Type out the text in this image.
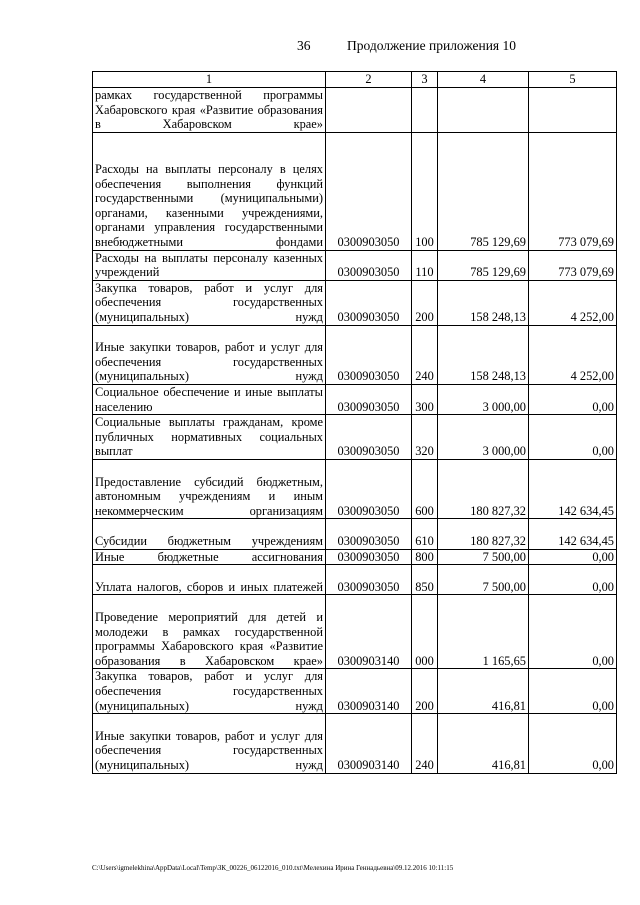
36	Продолжение приложения 10
1	2	3	4	5
рамках государственной программы Хабаровского края «Развитие образования в Хабаровском крае»				
Расходы на выплаты персоналу в целях обеспечения выполнения функций государственными (муниципальными) органами, казенными учреждениями, органами управления государственными внебюджетными фондами	0300903050	100	785 129,69	773 079,69
Расходы на выплаты персоналу казенных учреждений	0300903050	110	785 129,69	773 079,69
Закупка товаров, работ и услуг для обеспечения государственных (муниципальных) нужд	0300903050	200	158 248,13	4 252,00
Иные закупки товаров, работ и услуг для обеспечения государственных (муниципальных) нужд	0300903050	240	158 248,13	4 252,00
Социальное обеспечение и иные выплаты населению	0300903050	300	3 000,00	0,00
Социальные выплаты гражданам, кроме публичных нормативных социальных выплат	0300903050	320	3 000,00	0,00
Предоставление субсидий бюджетным, автономным учреждениям и иным некоммерческим организациям	0300903050	600	180 827,32	142 634,45
Субсидии бюджетным учреждениям	0300903050	610	180 827,32	142 634,45
Иные бюджетные ассигнования	0300903050	800	7 500,00	0,00
Уплата налогов, сборов и иных платежей	0300903050	850	7 500,00	0,00
Проведение мероприятий для детей и молодежи в рамках государственной программы Хабаровского края «Развитие образования в Хабаровском крае»	0300903140	000	1 165,65	0,00
Закупка товаров, работ и услуг для обеспечения государственных (муниципальных) нужд	0300903140	200	416,81	0,00
Иные закупки товаров, работ и услуг для обеспечения государственных (муниципальных) нужд	0300903140	240	416,81	0,00
C:\Users\igmelekhina\AppData\Local\Temp\ЗК_00226_06122016_010.txt\Мелехина Ирина Геннадьевна\09.12.2016 10:11:15
